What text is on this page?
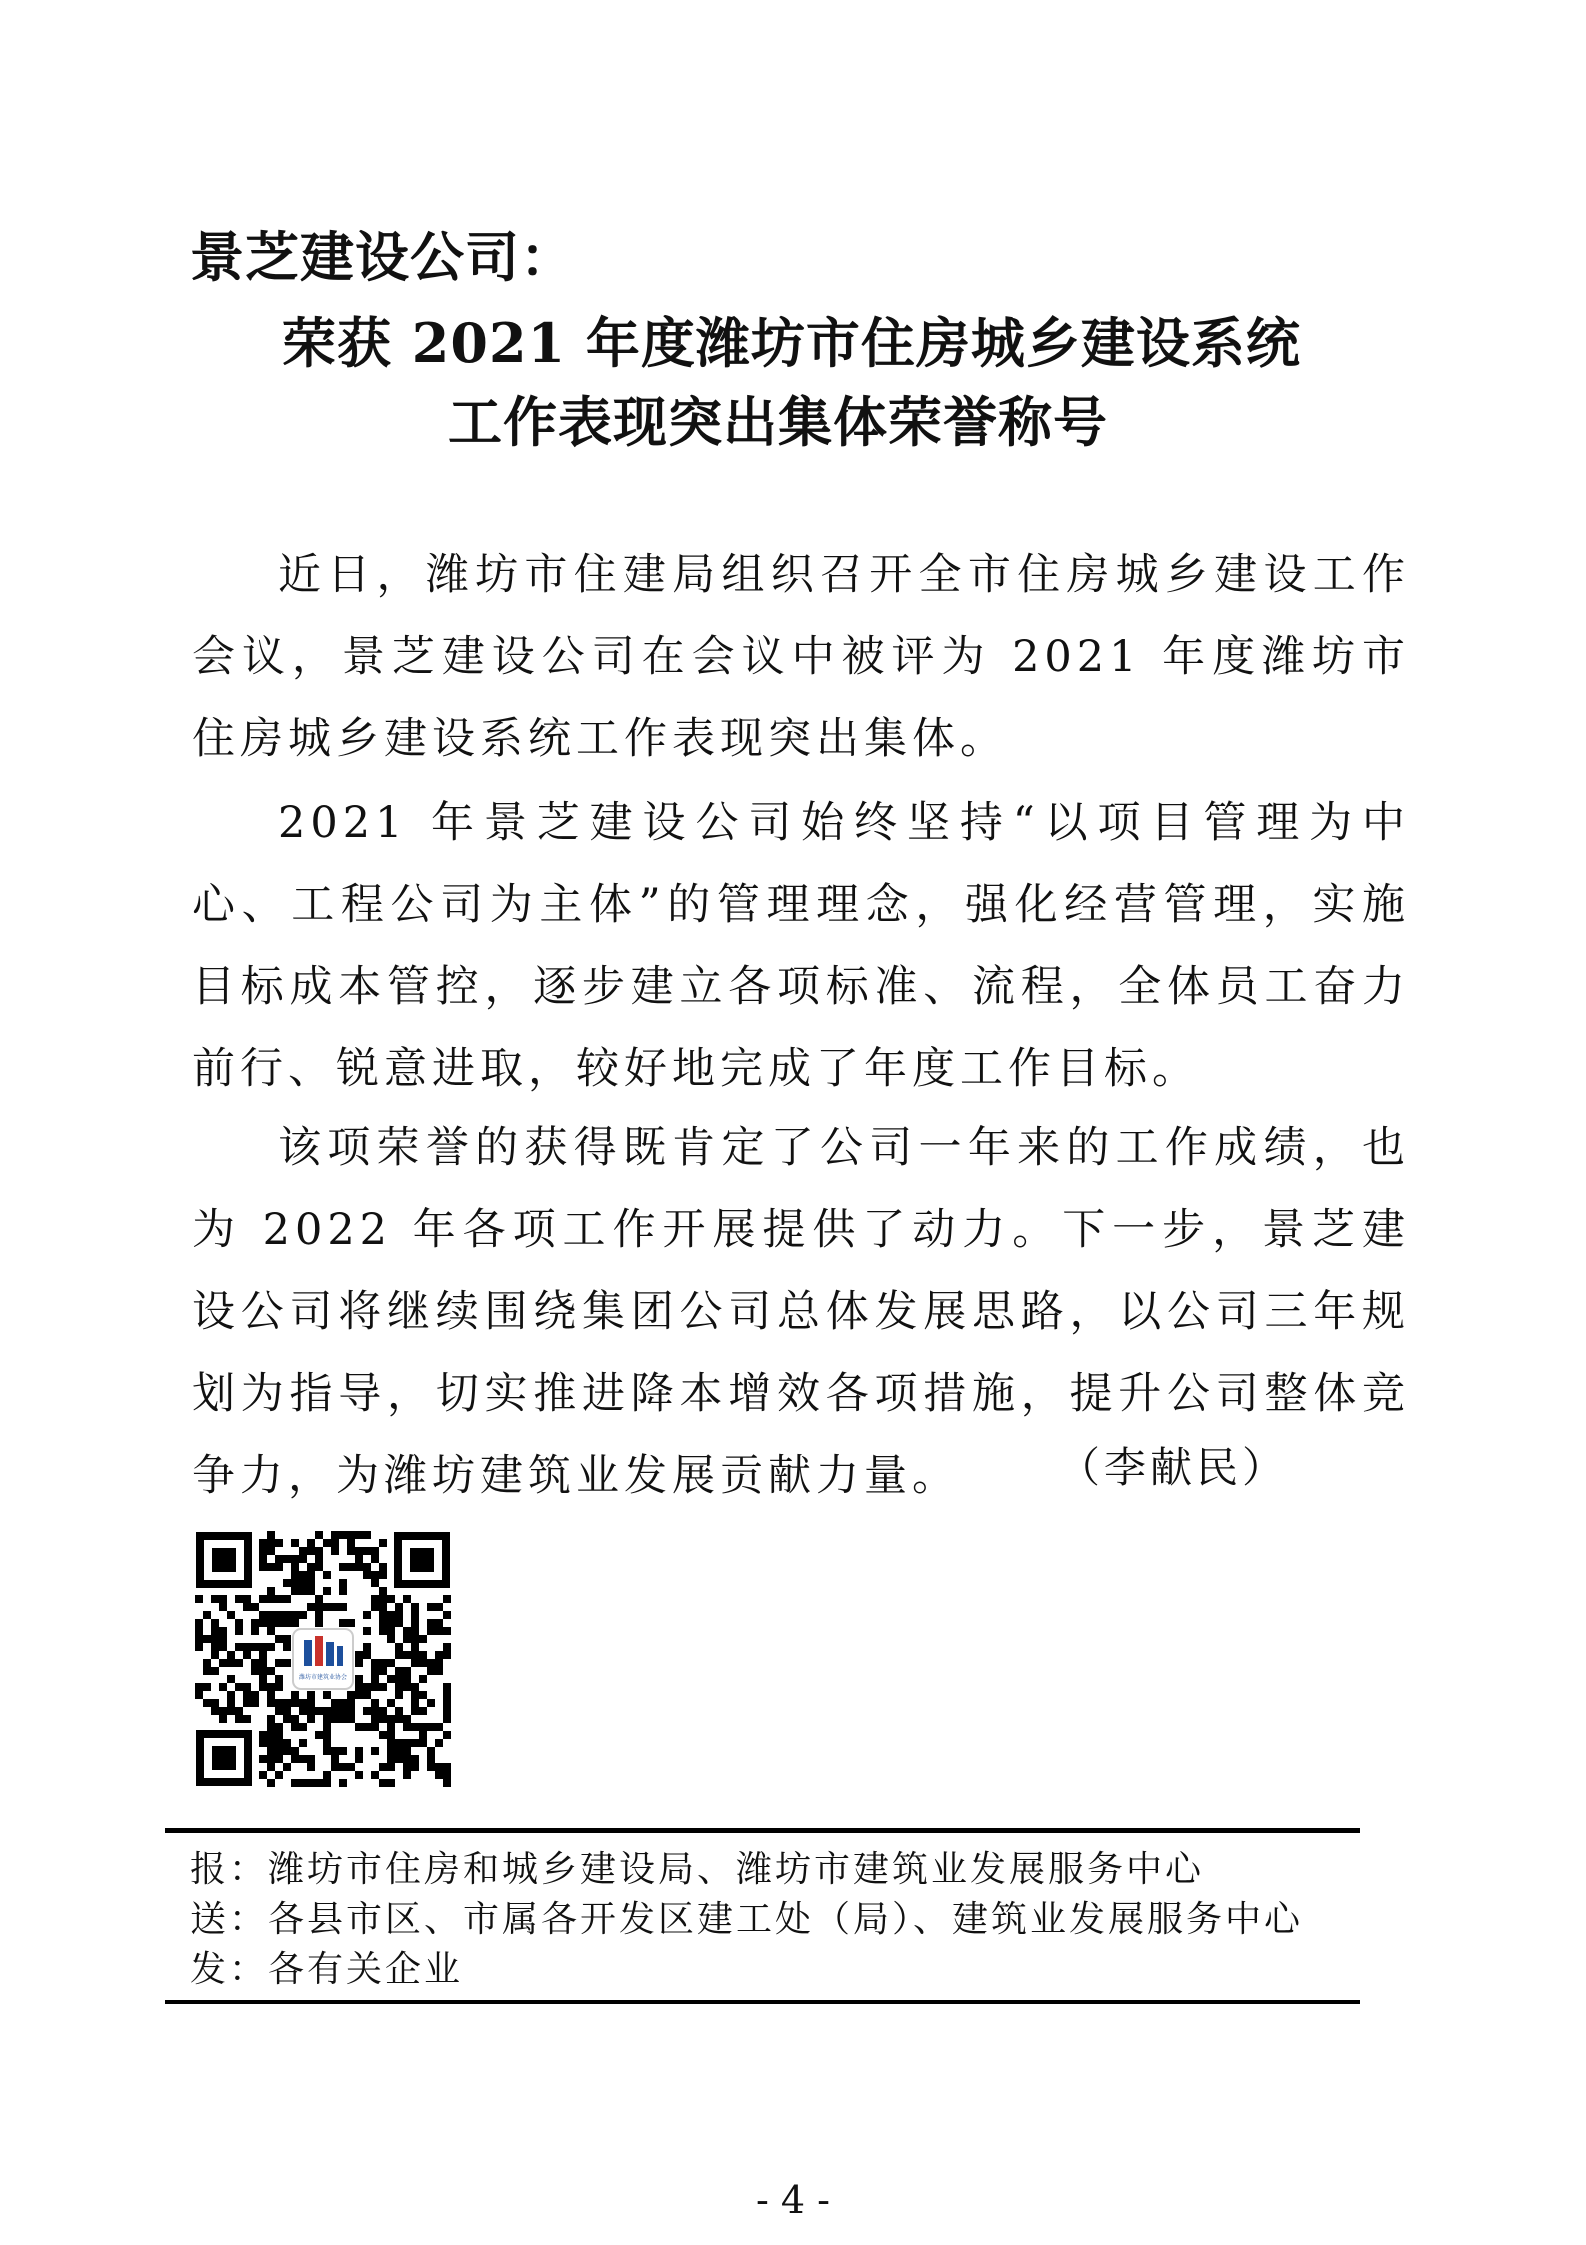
景芝建设公司：
荣获 2021 年度潍坊市住房城乡建设系统
工作表现突出集体荣誉称号

近日，潍坊市住建局组织召开全市住房城乡建设工作会议，景芝建设公司在会议中被评为 2021 年度潍坊市住房城乡建设系统工作表现突出集体。

2021 年景芝建设公司始终坚持“以项目管理为中心、工程公司为主体”的管理理念，强化经营管理，实施目标成本管控，逐步建立各项标准、流程，全体员工奋力前行、锐意进取，较好地完成了年度工作目标。

该项荣誉的获得既肯定了公司一年来的工作成绩，也为 2022 年各项工作开展提供了动力。下一步，景芝建设公司将继续围绕集团公司总体发展思路，以公司三年规划为指导，切实推进降本增效各项措施，提升公司整体竞争力，为潍坊建筑业发展贡献力量。	（李献民）
潍坊市建筑业协会
报：潍坊市住房和城乡建设局、潍坊市建筑业发展服务中心
送：各县市区、市属各开发区建工处（局）、建筑业发展服务中心
发：各有关企业
- 4 -
